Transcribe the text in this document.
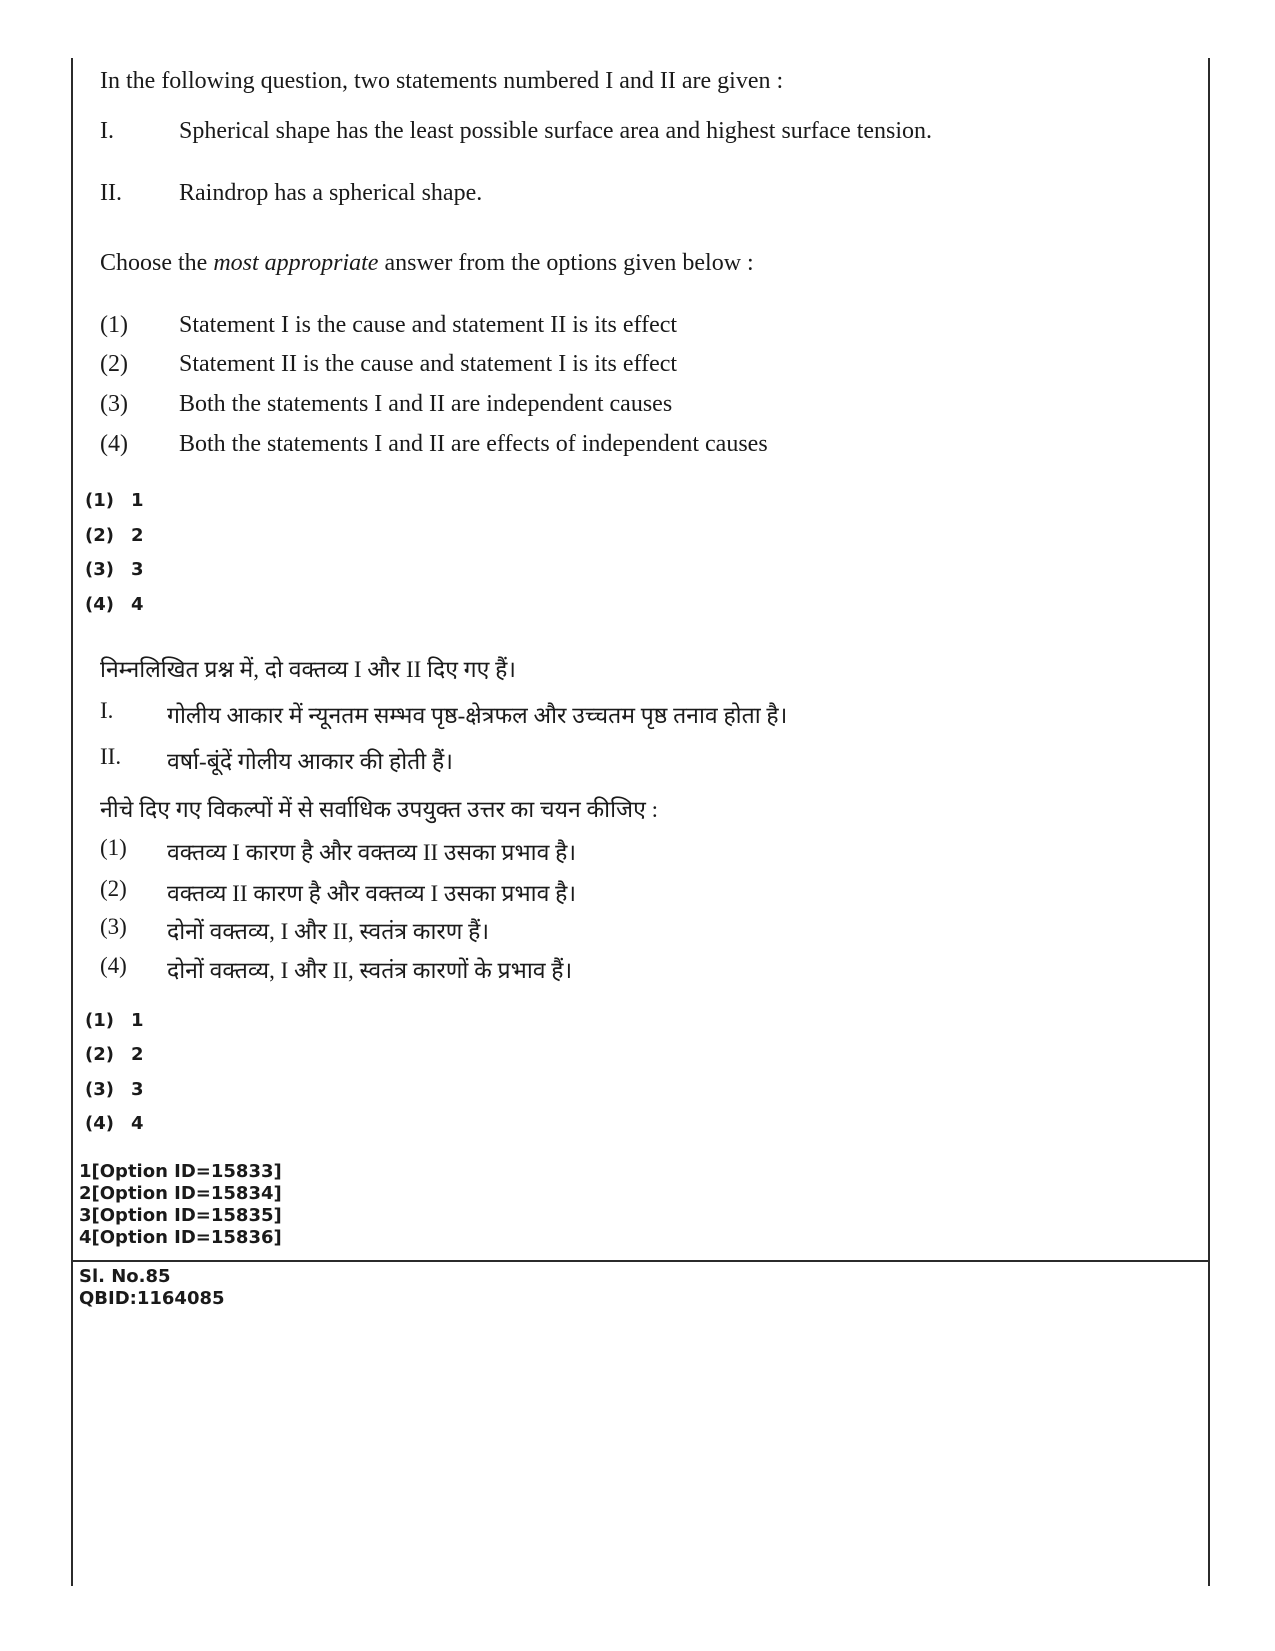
In the following question, two statements numbered I and II are given :
I.	Spherical shape has the least possible surface area and highest surface tension.
II. Raindrop has a spherical shape.
Choose the most appropriate answer from the options given below :
(1) Statement I is the cause and statement II is its effect
(2) Statement II is the cause and statement I is its effect
(3) Both the statements I and II are independent causes
(4) Both the statements I and II are effects of independent causes
(1) 1
(2) 2
(3) 3
(4) 4
निम्नलिखित प्रश्न में, दो वक्तव्य I और II दिए गए हैं।
I. गोलीय आकार में न्यूनतम सम्भव पृष्ठ-क्षेत्रफल और उच्चतम पृष्ठ तनाव होता है।
II. वर्षा-बूंदें गोलीय आकार की होती हैं।
नीचे दिए गए विकल्पों में से सर्वाधिक उपयुक्त उत्तर का चयन कीजिए :
(1) वक्तव्य I कारण है और वक्तव्य II उसका प्रभाव है।
(2) वक्तव्य II कारण है और वक्तव्य I उसका प्रभाव है।
(3) दोनों वक्तव्य, I और II, स्वतंत्र कारण हैं।
(4) दोनों वक्तव्य, I और II, स्वतंत्र कारणों के प्रभाव हैं।
(1) 1
(2) 2
(3) 3
(4) 4
1[Option ID=15833]
2[Option ID=15834]
3[Option ID=15835]
4[Option ID=15836]
Sl. No.85
QBID:1164085
